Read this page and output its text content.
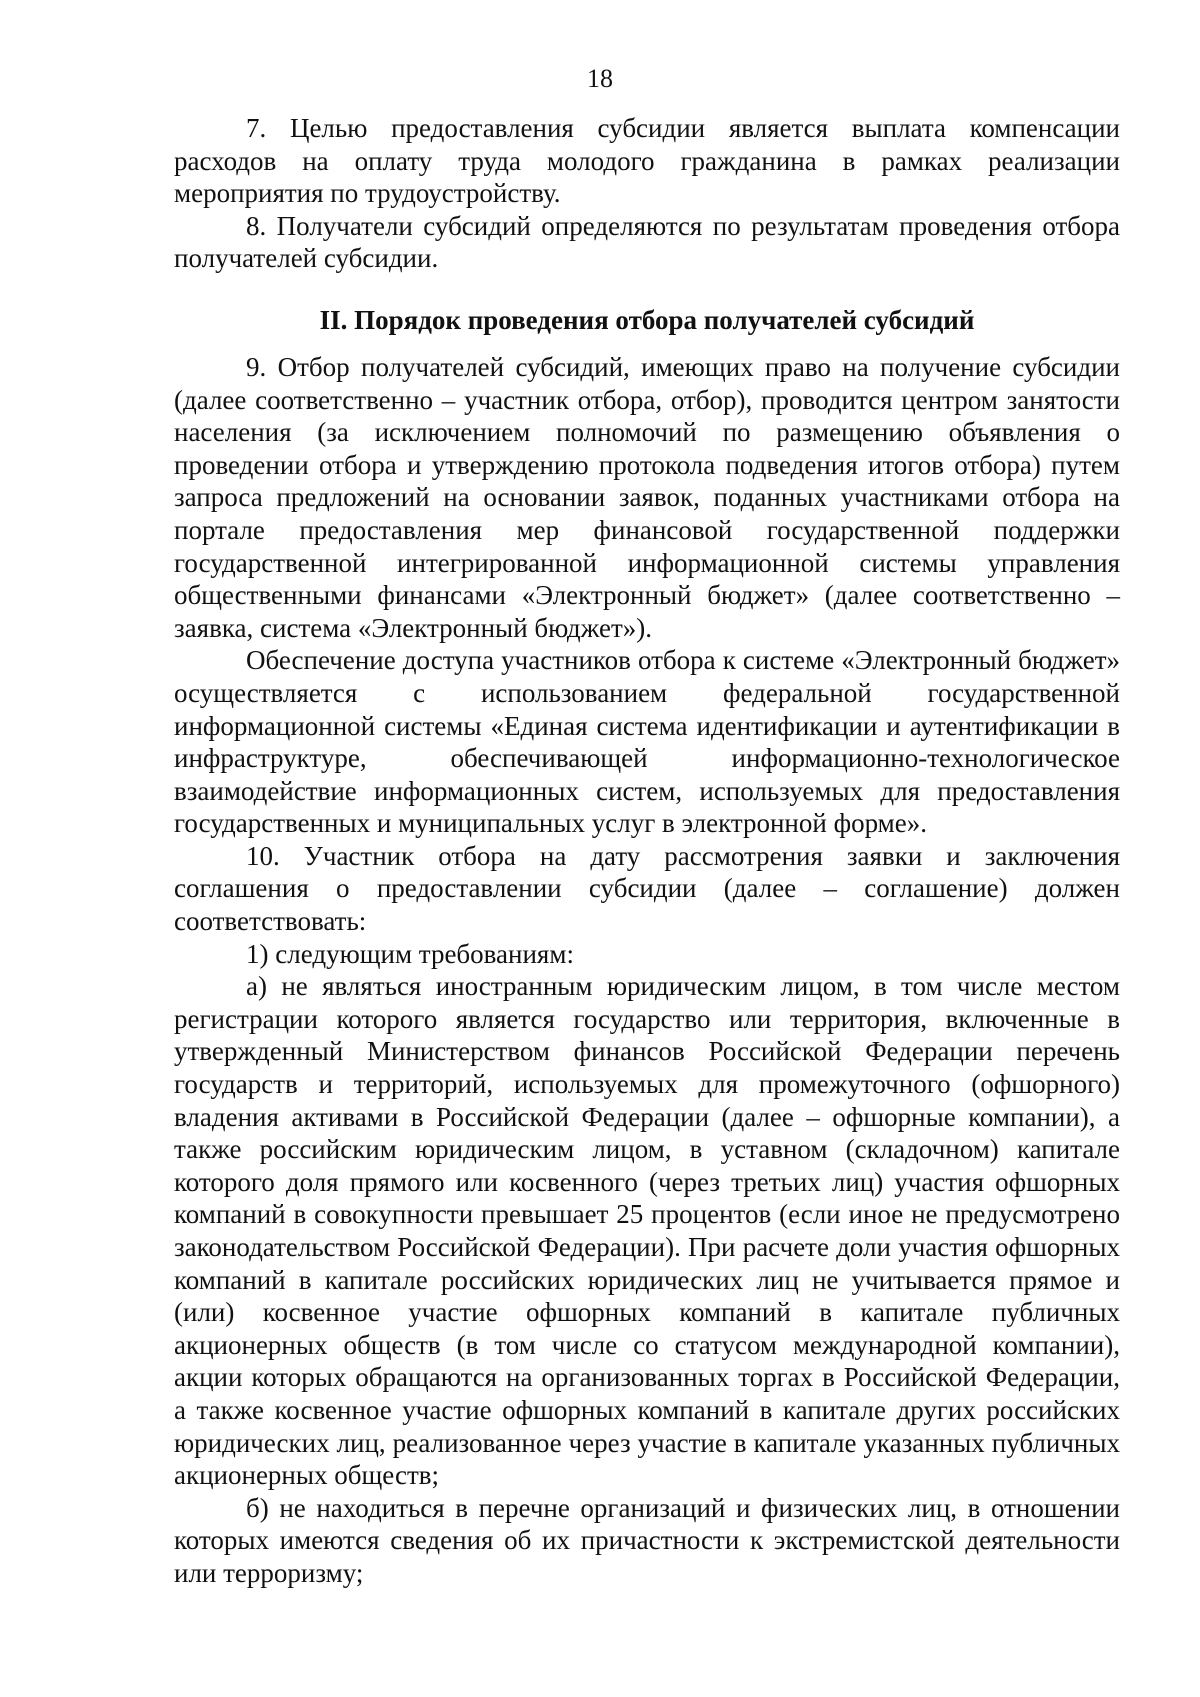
18

7. Целью предоставления субсидии является выплата компенсации расходов на оплату труда молодого гражданина в рамках реализации мероприятия по трудоустройству.

8. Получатели субсидий определяются по результатам проведения отбора получателей субсидии.

II. Порядок проведения отбора получателей субсидий

9. Отбор получателей субсидий, имеющих право на получение субсидии (далее соответственно – участник отбора, отбор), проводится центром занятости населения (за исключением полномочий по размещению объявления о проведении отбора и утверждению протокола подведения итогов отбора) путем запроса предложений на основании заявок, поданных участниками отбора на портале предоставления мер финансовой государственной поддержки государственной интегрированной информационной системы управления общественными финансами «Электронный бюджет» (далее соответственно – заявка, система «Электронный бюджет»).

Обеспечение доступа участников отбора к системе «Электронный бюджет» осуществляется с использованием федеральной государственной информационной системы «Единая система идентификации и аутентификации в инфраструктуре, обеспечивающей информационно-технологическое взаимодействие информационных систем, используемых для предоставления государственных и муниципальных услуг в электронной форме».

10. Участник отбора на дату рассмотрения заявки и заключения соглашения о предоставлении субсидии (далее – соглашение) должен соответствовать:

1) следующим требованиям:

а) не являться иностранным юридическим лицом, в том числе местом регистрации которого является государство или территория, включенные в утвержденный Министерством финансов Российской Федерации перечень государств и территорий, используемых для промежуточного (офшорного) владения активами в Российской Федерации (далее – офшорные компании), а также российским юридическим лицом, в уставном (складочном) капитале которого доля прямого или косвенного (через третьих лиц) участия офшорных компаний в совокупности превышает 25 процентов (если иное не предусмотрено законодательством Российской Федерации). При расчете доли участия офшорных компаний в капитале российских юридических лиц не учитывается прямое и (или) косвенное участие офшорных компаний в капитале публичных акционерных обществ (в том числе со статусом международной компании), акции которых обращаются на организованных торгах в Российской Федерации, а также косвенное участие офшорных компаний в капитале других российских юридических лиц, реализованное через участие в капитале указанных публичных акционерных обществ;

б) не находиться в перечне организаций и физических лиц, в отношении которых имеются сведения об их причастности к экстремистской деятельности или терроризму;
